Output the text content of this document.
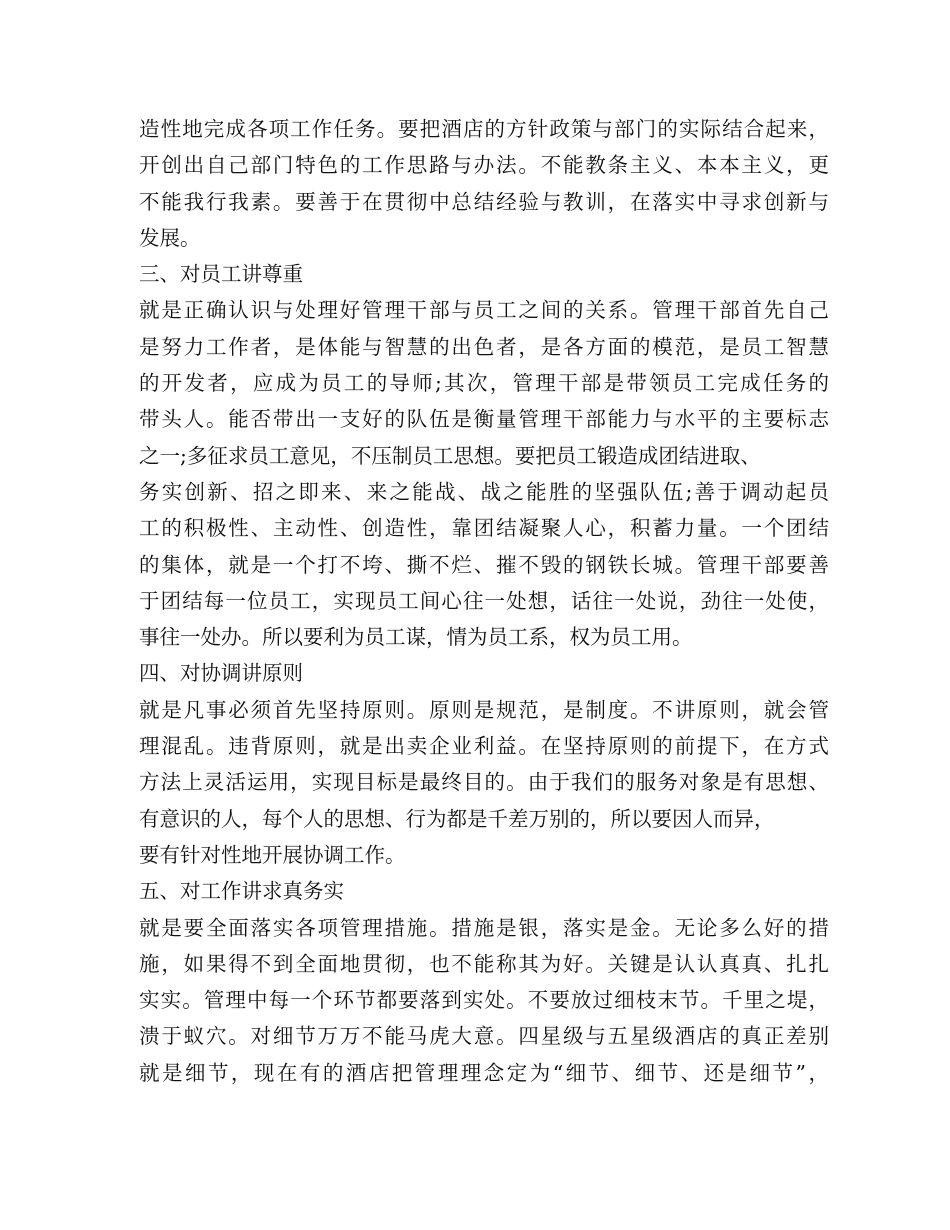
造性地完成各项工作任务。要把酒店的方针政策与部门的实际结合起来，
开创出自己部门特色的工作思路与办法。不能教条主义、本本主义，更
不能我行我素。要善于在贯彻中总结经验与教训，在落实中寻求创新与
发展。
三、对员工讲尊重
就是正确认识与处理好管理干部与员工之间的关系。管理干部首先自己
是努力工作者，是体能与智慧的出色者，是各方面的模范，是员工智慧
的开发者，应成为员工的导师;其次，管理干部是带领员工完成任务的
带头人。能否带出一支好的队伍是衡量管理干部能力与水平的主要标志
之一;多征求员工意见，不压制员工思想。要把员工锻造成团结进取、
务实创新、招之即来、来之能战、战之能胜的坚强队伍;善于调动起员
工的积极性、主动性、创造性，靠团结凝聚人心，积蓄力量。一个团结
的集体，就是一个打不垮、撕不烂、摧不毁的钢铁长城。管理干部要善
于团结每一位员工，实现员工间心往一处想，话往一处说，劲往一处使，
事往一处办。所以要利为员工谋，情为员工系，权为员工用。
四、对协调讲原则
就是凡事必须首先坚持原则。原则是规范，是制度。不讲原则，就会管
理混乱。违背原则，就是出卖企业利益。在坚持原则的前提下，在方式
方法上灵活运用，实现目标是最终目的。由于我们的服务对象是有思想、
有意识的人，每个人的思想、行为都是千差万别的，所以要因人而异，
要有针对性地开展协调工作。
五、对工作讲求真务实
就是要全面落实各项管理措施。措施是银，落实是金。无论多么好的措
施，如果得不到全面地贯彻，也不能称其为好。关键是认认真真、扎扎
实实。管理中每一个环节都要落到实处。不要放过细枝末节。千里之堤，
溃于蚁穴。对细节万万不能马虎大意。四星级与五星级酒店的真正差别
就是细节，现在有的酒店把管理理念定为“细节、细节、还是细节”，
